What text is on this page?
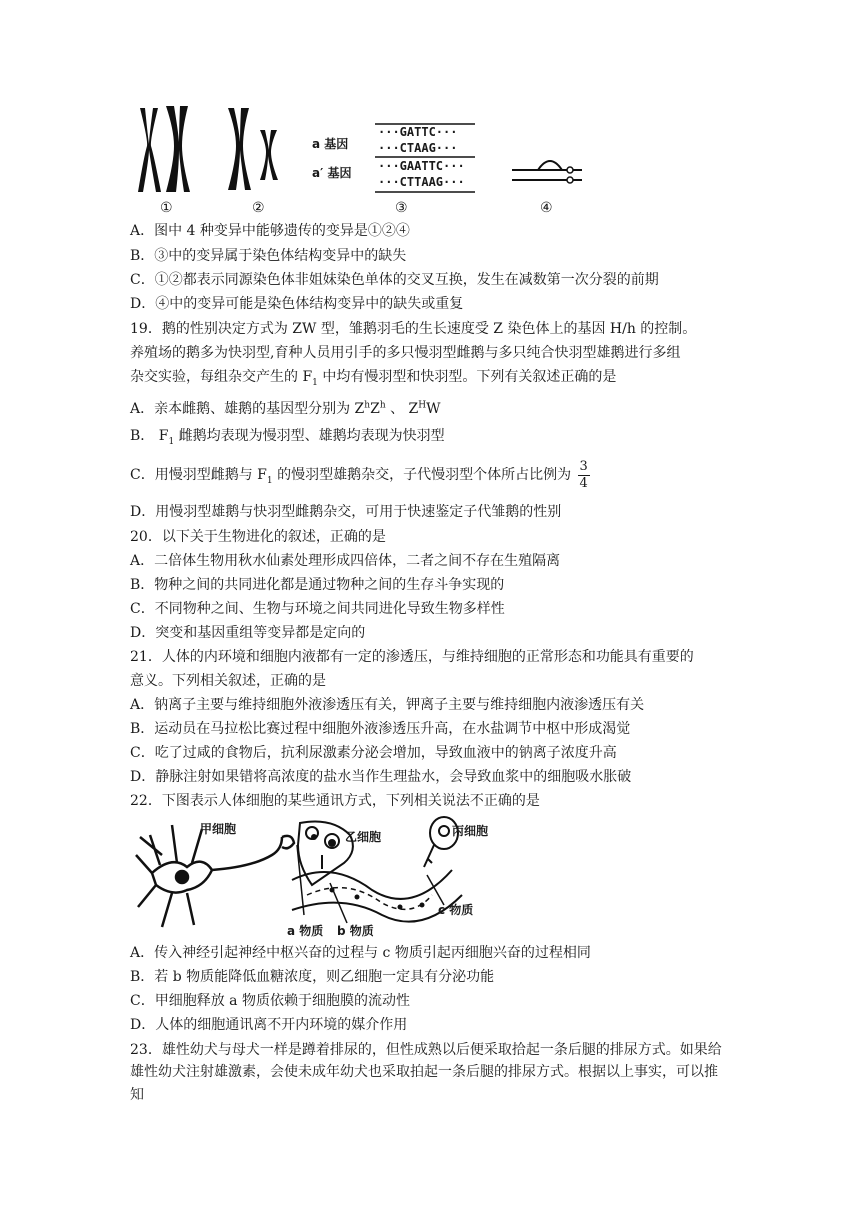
a 基因
a′ 基因
···GATTC···
···CTAAG···
···GAATTC···
···CTTAAG···
①	②	③	④
A．图中 4 种变异中能够遗传的变异是①②④
B．③中的变异属于染色体结构变异中的缺失
C．①②都表示同源染色体非姐妹染色单体的交叉互换，发生在减数第一次分裂的前期
D．④中的变异可能是染色体结构变异中的缺失或重复
19．鹅的性别决定方式为 ZW 型，雏鹅羽毛的生长速度受 Z 染色体上的基因 H/h 的控制。
养殖场的鹅多为快羽型,育种人员用引手的多只慢羽型雌鹅与多只纯合快羽型雄鹅进行多组
杂交实验，每组杂交产生的 $F_1$ 中均有慢羽型和快羽型。下列有关叙述正确的是
A．亲本雌鹅、雄鹅的基因型分别为 $Z^hZ^h$ 、 $Z^HW$
B． $F_1$ 雌鹅均表现为慢羽型、雄鹅均表现为快羽型
C．用慢羽型雌鹅与 $F_1$ 的慢羽型雄鹅杂交，子代慢羽型个体所占比例为 $\frac{3}{4}$
D．用慢羽型雄鹅与快羽型雌鹅杂交，可用于快速鉴定子代雏鹅的性别
20．以下关于生物进化的叙述，正确的是
A．二倍体生物用秋水仙素处理形成四倍体，二者之间不存在生殖隔离
B．物种之间的共同进化都是通过物种之间的生存斗争实现的
C．不同物种之间、生物与环境之间共同进化导致生物多样性
D．突变和基因重组等变异都是定向的
21．人体的内环境和细胞内液都有一定的渗透压，与维持细胞的正常形态和功能具有重要的
意义。下列相关叙述，正确的是
A．钠离子主要与维持细胞外液渗透压有关，钾离子主要与维持细胞内液渗透压有关
B．运动员在马拉松比赛过程中细胞外液渗透压升高，在水盐调节中枢中形成渴觉
C．吃了过咸的食物后，抗利尿激素分泌会增加，导致血液中的钠离子浓度升高
D．静脉注射如果错将高浓度的盐水当作生理盐水，会导致血浆中的细胞吸水胀破
22．下图表示人体细胞的某些通讯方式，下列相关说法不正确的是
甲细胞
乙细胞	丙细胞
a 物质 b 物质
c 物质
A．传入神经引起神经中枢兴奋的过程与 c 物质引起丙细胞兴奋的过程相同
B．若 b 物质能降低血糖浓度，则乙细胞一定具有分泌功能
C．甲细胞释放 a 物质依赖于细胞膜的流动性
D．人体的细胞通讯离不开内环境的媒介作用
23．雄性幼犬与母犬一样是蹲着排尿的，但性成熟以后便采取拾起一条后腿的排尿方式。如果给雄性幼犬注射雄激素，会使未成年幼犬也采取拍起一条后腿的排尿方式。根据以上事实，可以推知
